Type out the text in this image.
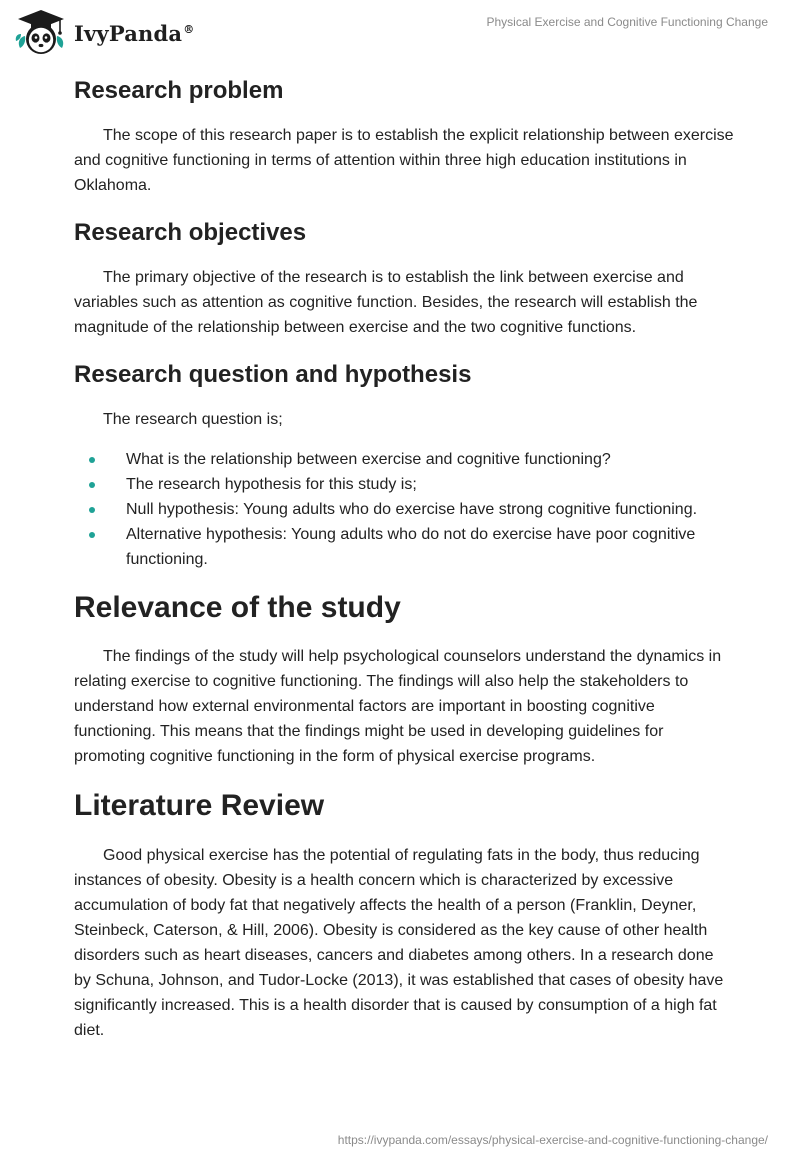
IvyPanda®	Physical Exercise and Cognitive Functioning Change
Research problem

The scope of this research paper is to establish the explicit relationship between exercise and cognitive functioning in terms of attention within three high education institutions in Oklahoma.

Research objectives

The primary objective of the research is to establish the link between exercise and variables such as attention as cognitive function. Besides, the research will establish the magnitude of the relationship between exercise and the two cognitive functions.

Research question and hypothesis

The research question is;

What is the relationship between exercise and cognitive functioning?
The research hypothesis for this study is;
Null hypothesis: Young adults who do exercise have strong cognitive functioning.
Alternative hypothesis: Young adults who do not do exercise have poor cognitive functioning.
Relevance of the study

The findings of the study will help psychological counselors understand the dynamics in relating exercise to cognitive functioning. The findings will also help the stakeholders to understand how external environmental factors are important in boosting cognitive functioning. This means that the findings might be used in developing guidelines for promoting cognitive functioning in the form of physical exercise programs.

Literature Review

Good physical exercise has the potential of regulating fats in the body, thus reducing instances of obesity. Obesity is a health concern which is characterized by excessive accumulation of body fat that negatively affects the health of a person (Franklin, Deyner, Steinbeck, Caterson, & Hill, 2006). Obesity is considered as the key cause of other health disorders such as heart diseases, cancers and diabetes among others. In a research done by Schuna, Johnson, and Tudor-Locke (2013), it was established that cases of obesity have significantly increased. This is a health disorder that is caused by consumption of a high fat diet.

https://ivypanda.com/essays/physical-exercise-and-cognitive-functioning-change/
